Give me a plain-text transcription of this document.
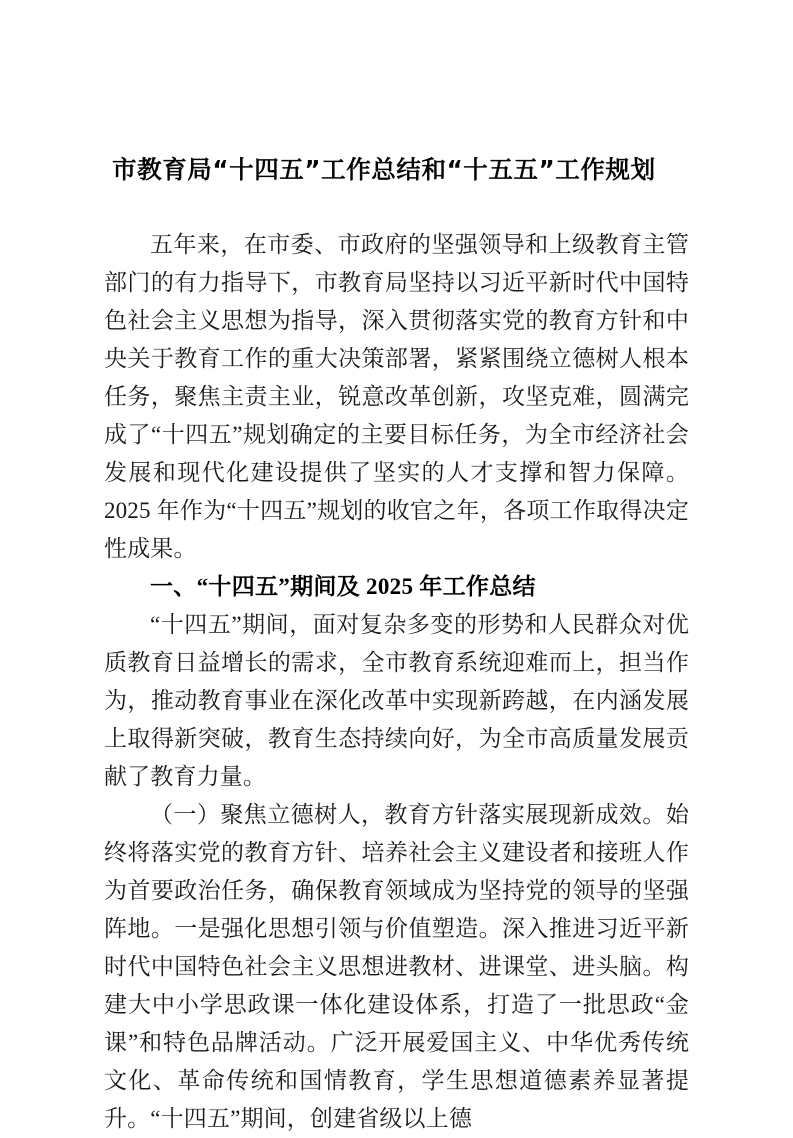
市教育局“十四五”工作总结和“十五五”工作规划

五年来，在市委、市政府的坚强领导和上级教育主管部门的有力指导下，市教育局坚持以习近平新时代中国特色社会主义思想为指导，深入贯彻落实党的教育方针和中央关于教育工作的重大决策部署，紧紧围绕立德树人根本任务，聚焦主责主业，锐意改革创新，攻坚克难，圆满完成了“十四五”规划确定的主要目标任务，为全市经济社会发展和现代化建设提供了坚实的人才支撑和智力保障。2025 年作为“十四五”规划的收官之年，各项工作取得决定性成果。

一、“十四五”期间及 2025 年工作总结

“十四五”期间，面对复杂多变的形势和人民群众对优质教育日益增长的需求，全市教育系统迎难而上，担当作为，推动教育事业在深化改革中实现新跨越，在内涵发展上取得新突破，教育生态持续向好，为全市高质量发展贡献了教育力量。

（一）聚焦立德树人，教育方针落实展现新成效。始终将落实党的教育方针、培养社会主义建设者和接班人作为首要政治任务，确保教育领域成为坚持党的领导的坚强阵地。一是强化思想引领与价值塑造。深入推进习近平新时代中国特色社会主义思想进教材、进课堂、进头脑。构建大中小学思政课一体化建设体系，打造了一批思政“金课”和特色品牌活动。广泛开展爱国主义、中华优秀传统文化、革命传统和国情教育，学生思想道德素养显著提升。“十四五”期间，创建省级以上德
